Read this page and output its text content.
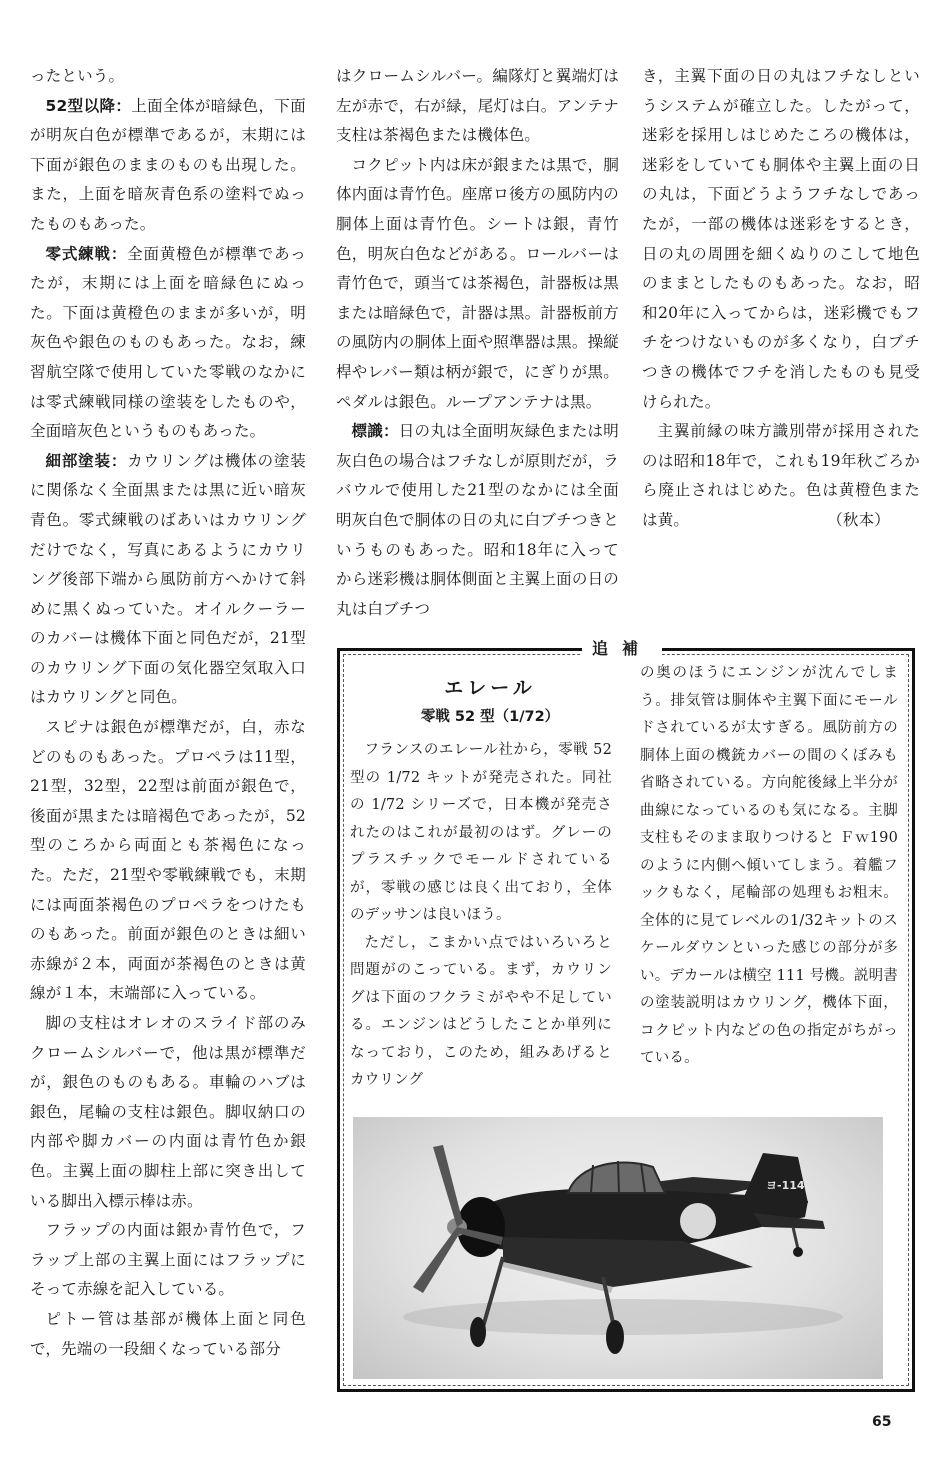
ったという。

52型以降：上面全体が暗緑色，下面が明灰白色が標準であるが，末期には下面が銀色のままのものも出現した。また，上面を暗灰青色系の塗料でぬったものもあった。

零式練戦：全面黄橙色が標準であったが，末期には上面を暗緑色にぬった。下面は黄橙色のままが多いが，明灰色や銀色のものもあった。なお，練習航空隊で使用していた零戦のなかには零式練戦同様の塗装をしたものや，全面暗灰色というものもあった。

細部塗装：カウリングは機体の塗装に関係なく全面黒または黒に近い暗灰青色。零式練戦のばあいはカウリングだけでなく，写真にあるようにカウリング後部下端から風防前方へかけて斜めに黒くぬっていた。オイルクーラーのカバーは機体下面と同色だが，21型のカウリング下面の気化器空気取入口はカウリングと同色。

スピナは銀色が標準だが，白，赤などのものもあった。プロペラは11型，21型，32型，22型は前面が銀色で，後面が黒または暗褐色であったが，52型のころから両面とも茶褐色になった。ただ，21型や零戦練戦でも，末期には両面茶褐色のプロペラをつけたものもあった。前面が銀色のときは細い赤線が２本，両面が茶褐色のときは黄線が１本，末端部に入っている。

脚の支柱はオレオのスライド部のみクロームシルバーで，他は黒が標準だが，銀色のものもある。車輪のハブは銀色，尾輪の支柱は銀色。脚収納口の内部や脚カバーの内面は青竹色か銀色。主翼上面の脚柱上部に突き出している脚出入標示棒は赤。

フラップの内面は銀か青竹色で，フラップ上部の主翼上面にはフラップにそって赤線を記入している。

ピトー管は基部が機体上面と同色で，先端の一段細くなっている部分

はクロームシルバー。編隊灯と翼端灯は左が赤で，右が緑，尾灯は白。アンテナ支柱は茶褐色または機体色。

コクピット内は床が銀または黒で，胴体内面は青竹色。座席ロ後方の風防内の胴体上面は青竹色。シートは銀，青竹色，明灰白色などがある。ロールバーは青竹色で，頭当ては茶褐色，計器板は黒または暗緑色で，計器は黒。計器板前方の風防内の胴体上面や照準器は黒。操縦桿やレバー類は柄が銀で，にぎりが黒。ペダルは銀色。ループアンテナは黒。

標識：日の丸は全面明灰緑色または明灰白色の場合はフチなしが原則だが，ラバウルで使用した21型のなかには全面明灰白色で胴体の日の丸に白ブチつきというものもあった。昭和18年に入ってから迷彩機は胴体側面と主翼上面の日の丸は白ブチつ

き，主翼下面の日の丸はフチなしというシステムが確立した。したがって，迷彩を採用しはじめたころの機体は，迷彩をしていても胴体や主翼上面の日の丸は，下面どうようフチなしであったが，一部の機体は迷彩をするとき，日の丸の周囲を細くぬりのこして地色のままとしたものもあった。なお，昭和20年に入ってからは，迷彩機でもフチをつけないものが多くなり，白ブチつきの機体でフチを消したものも見受けられた。

主翼前縁の味方識別帯が採用されたのは昭和18年で，これも19年秋ごろから廃止されはじめた。色は黄橙色または黄。	（秋本）

追補
エレール
零戦 52 型（1/72）

フランスのエレール社から，零戦 52 型の 1/72 キットが発売された。同社の 1/72 シリーズで，日本機が発売されたのはこれが最初のはず。グレーのプラスチックでモールドされているが，零戦の感じは良く出ており，全体のデッサンは良いほう。

ただし，こまかい点ではいろいろと問題がのこっている。まず，カウリングは下面のフクラミがやや不足している。エンジンはどうしたことか単列になっており，このため，組みあげるとカウリング

の奥のほうにエンジンが沈んでしまう。排気管は胴体や主翼下面にモールドされているが太すぎる。風防前方の胴体上面の機銃カバーの間のくぼみも省略されている。方向舵後縁上半分が曲線になっているのも気になる。主脚支柱もそのまま取りつけると Ｆｗ190 のように内側へ傾いてしまう。着艦フックもなく，尾輪部の処理もお粗末。全体的に見てレベルの1/32キットのスケールダウンといった感じの部分が多い。デカールは横空 111 号機。説明書の塗装説明はカウリング，機体下面，コクピット内などの色の指定がちがっている。

ヨ-114
65
